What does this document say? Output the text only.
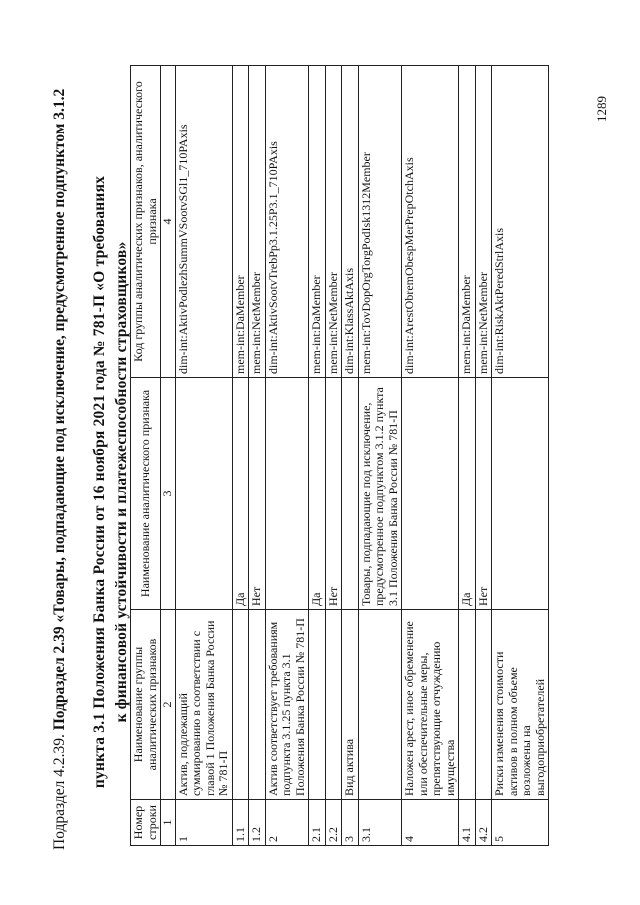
Подраздел 4.2.39. Подраздел 2.39 «Товары, подпадающие под исключение, предусмотренное подпунктом 3.1.2 пункта 3.1 Положения Банка России от 16 ноября 2021 года № 781-П «О требованиях к финансовой устойчивости и платежеспособности страховщиков»
Номер строки	Наименование группы аналитических признаков	Наименование аналитического признака	Код группы аналитических признаков, аналитического признака
1	2	3	4
1	Актив, подлежащий суммированию в соответствии с главой 1 Положения Банка России № 781-П		dim-int:AktivPodlezhSummVSootvSGl1_710PAxis
1.1		Да	mem-int:DaMember
1.2		Нет	mem-int:NetMember
2	Актив соответствует требованиям подпункта 3.1.25 пункта 3.1 Положения Банка России № 781-П		dim-int:AktivSootvTrebPp3.1.25P3.1_710PAxis
2.1		Да	mem-int:DaMember
2.2		Нет	mem-int:NetMember
3	Вид актива		dim-int:KlassAktAxis
3.1		Товары, подпадающие под исключение, предусмотренное подпунктом 3.1.2 пункта 3.1 Положения Банка России № 781-П	mem-int:TovDopOrgTorgPodIsk1312Member
4	Наложен арест, иное обременение или обеспечительные меры, препятствующие отчуждению имущества		dim-int:ArestObremObespMerPrepOtchAxis
4.1		Да	mem-int:DaMember
4.2		Нет	mem-int:NetMember
5	Риски изменения стоимости активов в полном объеме возложены на выгодоприобретателей		dim-int:RiskAktPeredStrlAxis
1289
